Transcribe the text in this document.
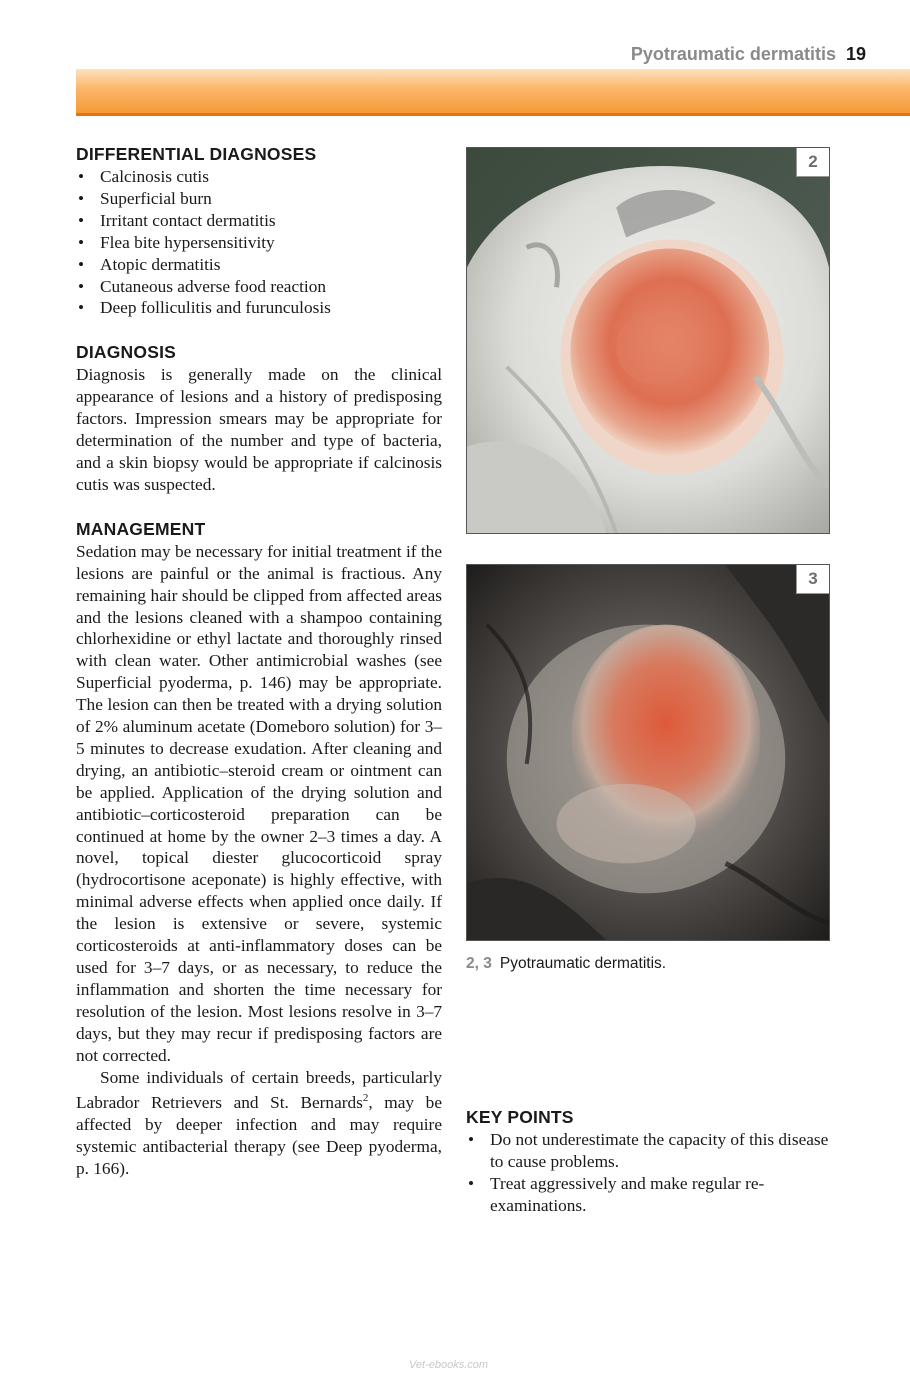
Pyotraumatic dermatitis 19
DIFFERENTIAL DIAGNOSES
• Calcinosis cutis
• Superficial burn
• Irritant contact dermatitis
• Flea bite hypersensitivity
• Atopic dermatitis
• Cutaneous adverse food reaction
• Deep folliculitis and furunculosis
DIAGNOSIS

Diagnosis is generally made on the clinical appearance of lesions and a history of predisposing factors. Impression smears may be appropriate for determination of the number and type of bacteria, and a skin biopsy would be appropriate if calcinosis cutis was suspected.

MANAGEMENT

Sedation may be necessary for initial treatment if the lesions are painful or the animal is fractious. Any remaining hair should be clipped from affected areas and the lesions cleaned with a shampoo containing chlorhexidine or ethyl lactate and thoroughly rinsed with clean water. Other antimicrobial washes (see Superficial pyoderma, p. 146) may be appropriate. The lesion can then be treated with a drying solution of 2% aluminum acetate (Domeboro solution) for 3–5 minutes to decrease exudation. After cleaning and drying, an antibiotic–steroid cream or ointment can be applied. Application of the drying solution and antibiotic–corticosteroid preparation can be continued at home by the owner 2–3 times a day. A novel, topical diester glucocorticoid spray (hydrocortisone aceponate) is highly effective, with minimal adverse effects when applied once daily. If the lesion is extensive or severe, systemic corticosteroids at anti-inflammatory doses can be used for 3–7 days, or as necessary, to reduce the inflammation and shorten the time necessary for resolution of the lesion. Most lesions resolve in 3–7 days, but they may recur if predisposing factors are not corrected.

Some individuals of certain breeds, particularly Labrador Retrievers and St. Bernards$^2$, may be affected by deeper infection and may require systemic antibacterial therapy (see Deep pyoderma, p. 166).

2
3
2, 3 Pyotraumatic dermatitis.
KEY POINTS
• Do not underestimate the capacity of this disease to cause problems.
• Treat aggressively and make regular re-examinations.
Vet-ebooks.com
